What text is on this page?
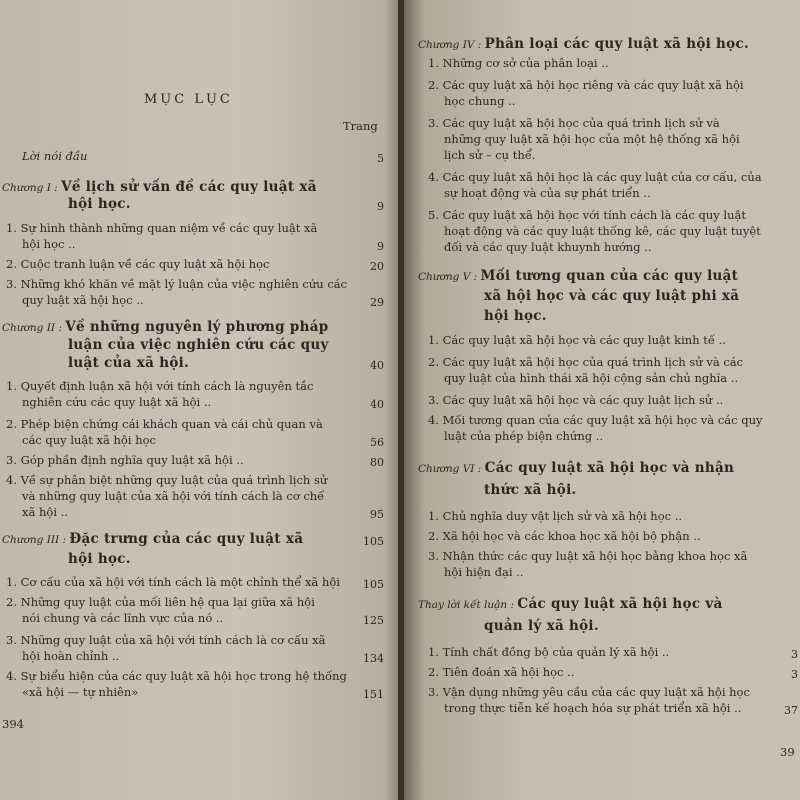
MỤC LỤC
Trang
394
Lời nói đầu	5
Chương I : Về lịch sử vấn đề các quy luật xã
hội học.	9
1. Sự hình thành những quan niệm về các quy luật xã
hội học ..	9
2. Cuộc tranh luận về các quy luật xã hội học	20
3. Những khó khăn về mặt lý luận của việc nghiên cứu các
quy luật xã hội học ..	29
Chương II : Về những nguyên lý phương pháp
luận của việc nghiên cứu các quy
luật của xã hội.	40
1. Quyết định luận xã hội với tính cách là nguyên tắc
nghiên cứu các quy luật xã hội ..	40
2. Phép biện chứng cái khách quan và cái chủ quan và
các quy luật xã hội học	56
3. Góp phần định nghĩa quy luật xã hội ..	80
4. Về sự phân biệt những quy luật của quá trình lịch sử
và những quy luật của xã hội với tính cách là cơ chế
xã hội ..	95
Chương III : Đặc trưng của các quy luật xã	105
hội học.
1. Cơ cấu của xã hội với tính cách là một chỉnh thể xã hội 105
2. Những quy luật của mối liên hệ qua lại giữa xã hội
nói chung và các lĩnh vực của nó ..	125
3. Những quy luật của xã hội với tính cách là cơ cấu xã
hội hoàn chỉnh ..	134
4. Sự biểu hiện của các quy luật xã hội học trong hệ thống
«xã hội — tự nhiên»	151
39
Chương IV : Phân loại các quy luật xã hội học.
1. Những cơ sở của phân loại ..
2. Các quy luật xã hội học riêng và các quy luật xã hội
học chung ..
3. Các quy luật xã hội học của quá trình lịch sử và
những quy luật xã hội học của một hệ thống xã hội
lịch sử – cụ thể.
4. Các quy luật xã hội học là các quy luật của cơ cấu, của
sự hoạt động và của sự phát triển ..
5. Các quy luật xã hội học với tính cách là các quy luật
hoạt động và các quy luật thống kê, các quy luật tuyệt
đối và các quy luật khuynh hướng ..
Chương V : Mối tương quan của các quy luật
xã hội học và các quy luật phi xã
hội học.
1. Các quy luật xã hội học và các quy luật kinh tế ..
2. Các quy luật xã hội học của quá trình lịch sử và các
quy luật của hình thái xã hội cộng sản chủ nghĩa ..
3. Các quy luật xã hội học và các quy luật lịch sử ..
4. Mối tương quan của các quy luật xã hội học và các quy
luật của phép biện chứng ..
Chương VI : Các quy luật xã hội học và nhận
thức xã hội.
1. Chủ nghĩa duy vật lịch sử và xã hội học ..
2. Xã hội học và các khoa học xã hội bộ phận ..
3. Nhận thức các quy luật xã hội học bằng khoa học xã
hội hiện đại ..
Thay lời kết luận : Các quy luật xã hội học và
quản lý xã hội.
1. Tính chất đồng bộ của quản lý xã hội ..	3
2. Tiên đoán xã hội học ..	3
3. Vận dụng những yêu cầu của các quy luật xã hội học
trong thực tiễn kế hoạch hóa sự phát triển xã hội ..	37
